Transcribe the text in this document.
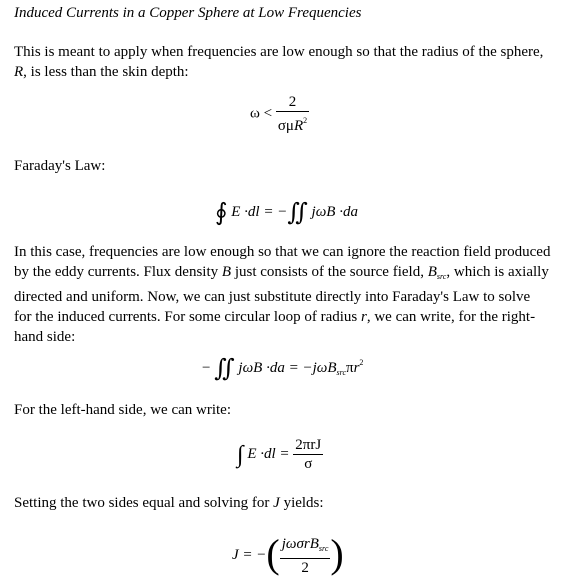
Induced Currents in a Copper Sphere at Low Frequencies
This is meant to apply when frequencies are low enough so that the radius of the sphere,
R, is less than the skin depth:
$\omega < \frac{2}{\sigma\mu R^2}$
Faraday's Law:
∮ E ·dl = −∬ jωB ·da
In this case, frequencies are low enough so that we can ignore the reaction field produced
by the eddy currents. Flux density B just consists of the source field, $B_{src}$, which is axially
directed and uniform. Now, we can just substitute directly into Faraday's Law to solve
for the induced currents. For some circular loop of radius r, we can write, for the right-
hand side:
− ∬ $j\omega B \cdot da = -j\omega B_{src}\pi r^2$
For the left-hand side, we can write:
∫ $E \cdot dl = \frac{\text{2πrJ}}{\sigma}$
Setting the two sides equal and solving for J yields:
J = −( $\frac{j\omega\sigma rB_{src}}{2}$ )
